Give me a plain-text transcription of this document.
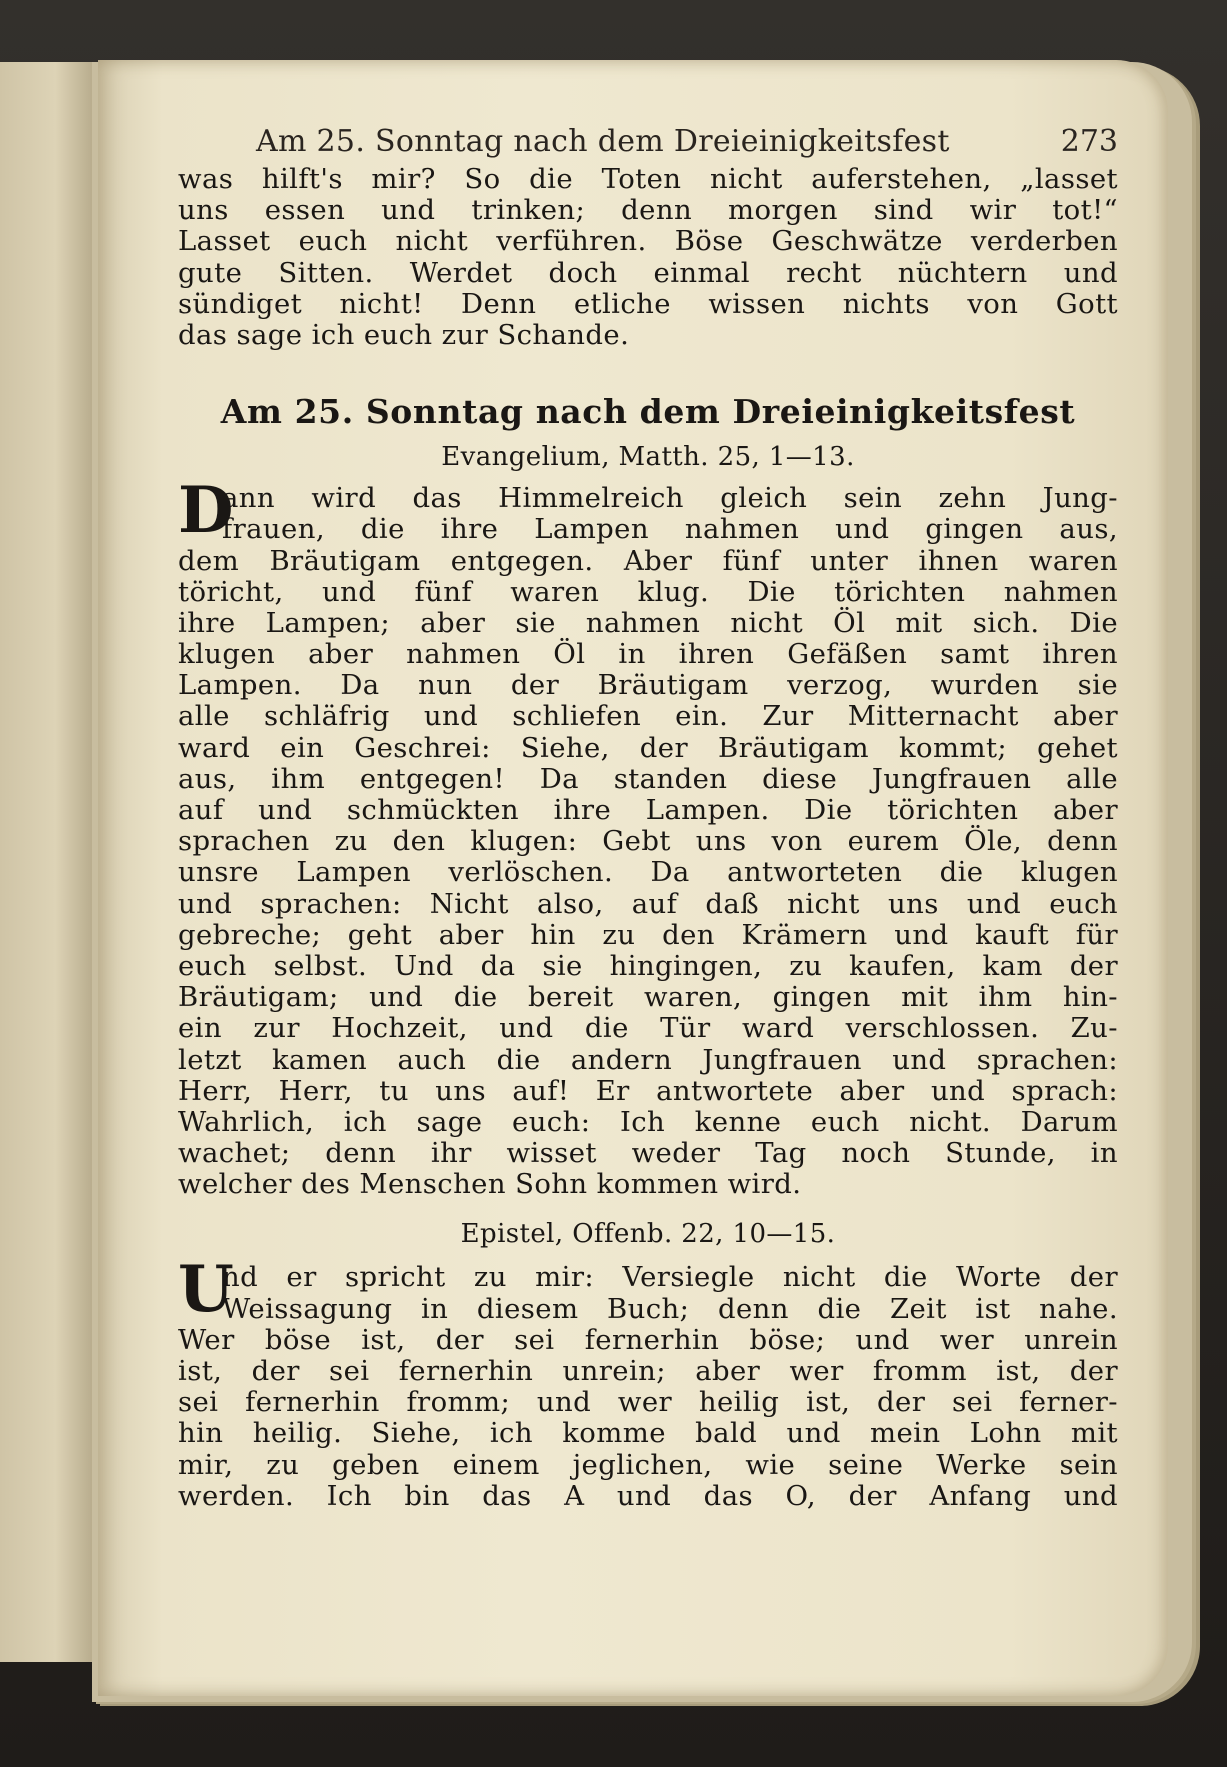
Am 25. Sonntag nach dem Dreieinigkeitsfest	273
was hilft's mir? So die Toten nicht auferstehen, „lasset
uns essen und trinken; denn morgen sind wir tot!“
Lasset euch nicht verführen. Böse Geschwätze verderben
gute Sitten. Werdet doch einmal recht nüchtern und
sündiget nicht! Denn etliche wissen nichts von Gott
das sage ich euch zur Schande.
Am 25. Sonntag nach dem Dreieinigkeitsfest
Evangelium, Matth. 25, 1—13.
D
ann wird das Himmelreich gleich sein zehn Jung-
frauen, die ihre Lampen nahmen und gingen aus,
dem Bräutigam entgegen. Aber fünf unter ihnen waren
töricht, und fünf waren klug. Die törichten nahmen
ihre Lampen; aber sie nahmen nicht Öl mit sich. Die
klugen aber nahmen Öl in ihren Gefäßen samt ihren
Lampen. Da nun der Bräutigam verzog, wurden sie
alle schläfrig und schliefen ein. Zur Mitternacht aber
ward ein Geschrei: Siehe, der Bräutigam kommt; gehet
aus, ihm entgegen! Da standen diese Jungfrauen alle
auf und schmückten ihre Lampen. Die törichten aber
sprachen zu den klugen: Gebt uns von eurem Öle, denn
unsre Lampen verlöschen. Da antworteten die klugen
und sprachen: Nicht also, auf daß nicht uns und euch
gebreche; geht aber hin zu den Krämern und kauft für
euch selbst. Und da sie hingingen, zu kaufen, kam der
Bräutigam; und die bereit waren, gingen mit ihm hin-
ein zur Hochzeit, und die Tür ward verschlossen. Zu-
letzt kamen auch die andern Jungfrauen und sprachen:
Herr, Herr, tu uns auf! Er antwortete aber und sprach:
Wahrlich, ich sage euch: Ich kenne euch nicht. Darum
wachet; denn ihr wisset weder Tag noch Stunde, in
welcher des Menschen Sohn kommen wird.
Epistel, Offenb. 22, 10—15.
U
nd er spricht zu mir: Versiegle nicht die Worte der
Weissagung in diesem Buch; denn die Zeit ist nahe.
Wer böse ist, der sei fernerhin böse; und wer unrein
ist, der sei fernerhin unrein; aber wer fromm ist, der
sei fernerhin fromm; und wer heilig ist, der sei ferner-
hin heilig. Siehe, ich komme bald und mein Lohn mit
mir, zu geben einem jeglichen, wie seine Werke sein
werden. Ich bin das A und das O, der Anfang und
